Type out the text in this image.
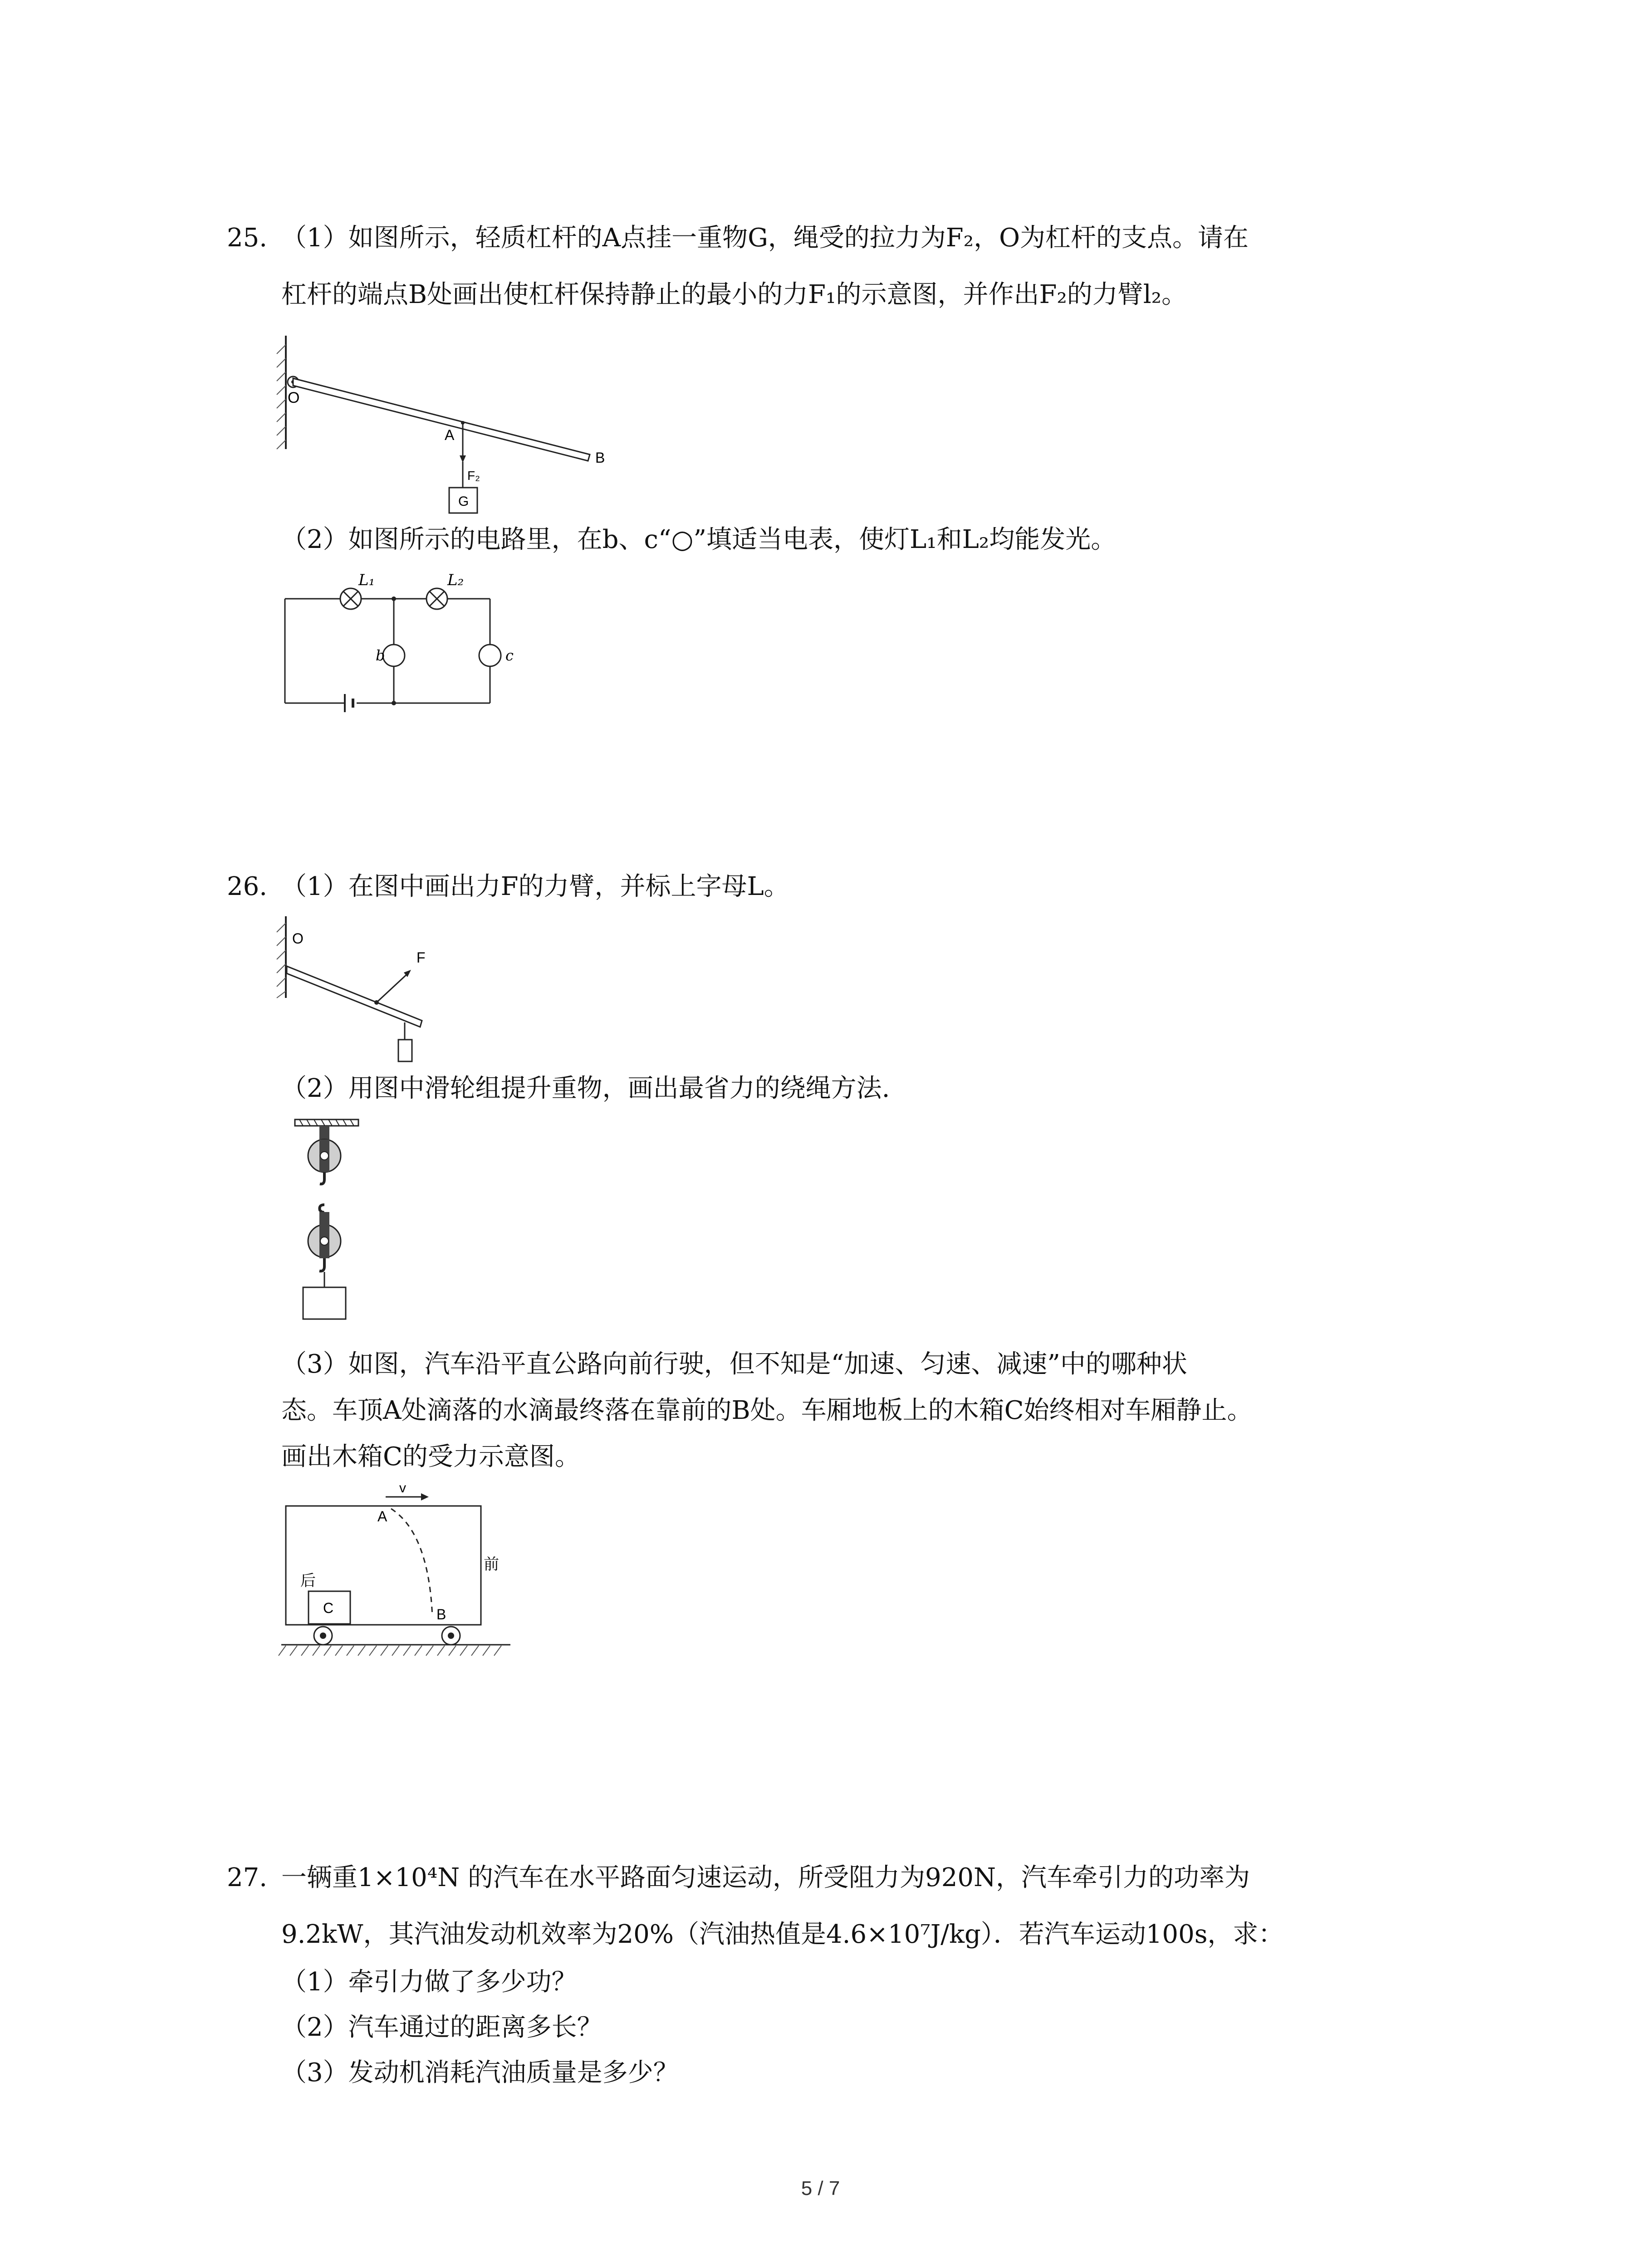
25. （1）如图所示，轻质杠杆的A点挂一重物G，绳受的拉力为F₂，O为杠杆的支点。请在
杠杆的端点B处画出使杠杆保持静止的最小的力F₁的示意图，并作出F₂的力臂l₂。
O
A
B
F₂
G
（2）如图所示的电路里，在b、c“○”填适当电表，使灯L₁和L₂均能发光。
L₁	L₂
b	c
26. （1）在图中画出力F的力臂，并标上字母L。
O
F
（2）用图中滑轮组提升重物，画出最省力的绕绳方法.
（3）如图，汽车沿平直公路向前行驶，但不知是“加速、匀速、减速”中的哪种状
态。车顶A处滴落的水滴最终落在靠前的B处。车厢地板上的木箱C始终相对车厢静止。
画出木箱C的受力示意图。
v
A
B
C
后
前
27. 一辆重1×10⁴N 的汽车在水平路面匀速运动，所受阻力为920N，汽车牵引力的功率为
9.2kW，其汽油发动机效率为20%（汽油热值是4.6×10⁷J/kg）．若汽车运动100s，求：
（1）牵引力做了多少功？
（2）汽车通过的距离多长？
（3）发动机消耗汽油质量是多少？
5 / 7
